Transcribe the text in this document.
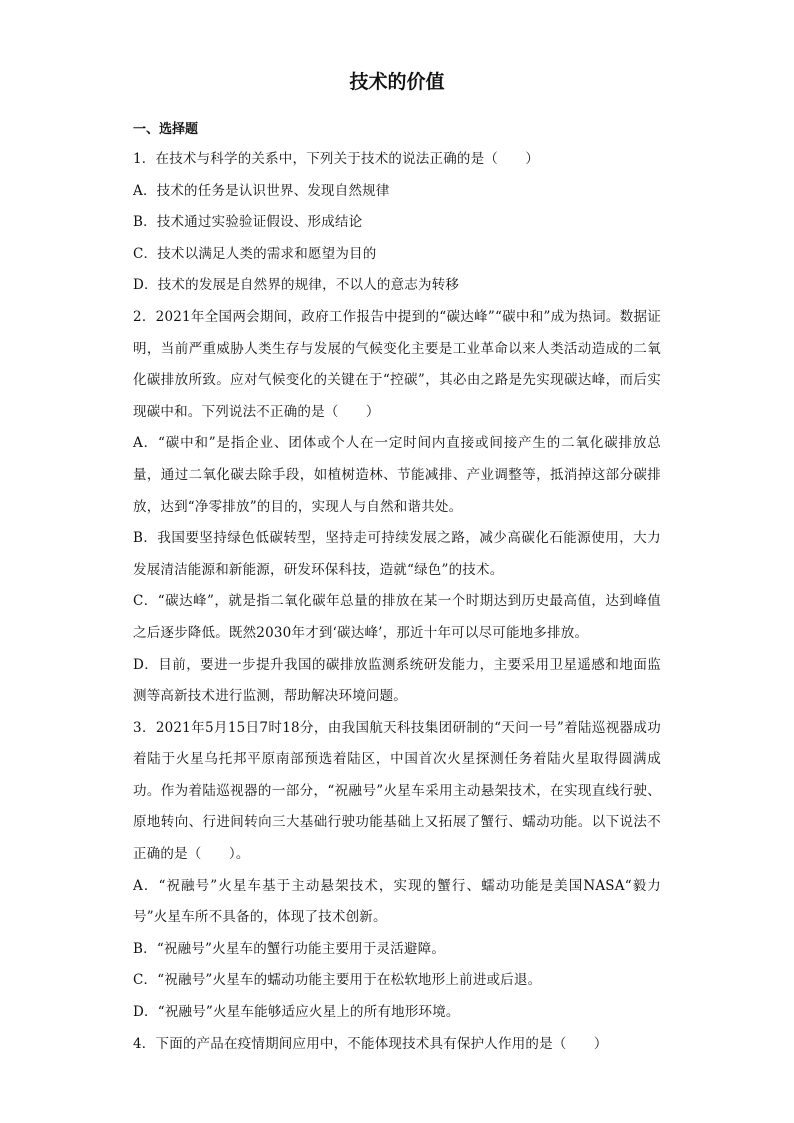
技术的价值
一、选择题

1．在技术与科学的关系中，下列关于技术的说法正确的是（　　）

A．技术的任务是认识世界、发现自然规律

B．技术通过实验验证假设、形成结论

C．技术以满足人类的需求和愿望为目的

D．技术的发展是自然界的规律，不以人的意志为转移

2．2021年全国两会期间，政府工作报告中提到的“碳达峰”“碳中和”成为热词。数据证明，当前严重威胁人类生存与发展的气候变化主要是工业革命以来人类活动造成的二氧化碳排放所致。应对气候变化的关键在于“控碳”，其必由之路是先实现碳达峰，而后实现碳中和。下列说法不正确的是（　　）

A．“碳中和”是指企业、团体或个人在一定时间内直接或间接产生的二氧化碳排放总量，通过二氧化碳去除手段，如植树造林、节能减排、产业调整等，抵消掉这部分碳排放，达到“净零排放”的目的，实现人与自然和谐共处。

B．我国要坚持绿色低碳转型，坚持走可持续发展之路，减少高碳化石能源使用，大力发展清洁能源和新能源，研发环保科技，造就“绿色”的技术。

C．“碳达峰”，就是指二氧化碳年总量的排放在某一个时期达到历史最高值，达到峰值之后逐步降低。既然2030年才到‘碳达峰’，那近十年可以尽可能地多排放。

D．目前，要进一步提升我国的碳排放监测系统研发能力，主要采用卫星遥感和地面监测等高新技术进行监测，帮助解决环境问题。

3．2021年5月15日7时18分，由我国航天科技集团研制的“天问一号”着陆巡视器成功着陆于火星乌托邦平原南部预选着陆区，中国首次火星探测任务着陆火星取得圆满成功。作为着陆巡视器的一部分，“祝融号”火星车采用主动悬架技术，在实现直线行驶、原地转向、行进间转向三大基础行驶功能基础上又拓展了蟹行、蠕动功能。以下说法不正确的是（　　）。

A．“祝融号”火星车基于主动悬架技术，实现的蟹行、蠕动功能是美国NASA“毅力号”火星车所不具备的，体现了技术创新。

B．“祝融号”火星车的蟹行功能主要用于灵活避障。

C．“祝融号”火星车的蠕动功能主要用于在松软地形上前进或后退。

D．“祝融号”火星车能够适应火星上的所有地形环境。

4．下面的产品在疫情期间应用中，不能体现技术具有保护人作用的是（　　）
